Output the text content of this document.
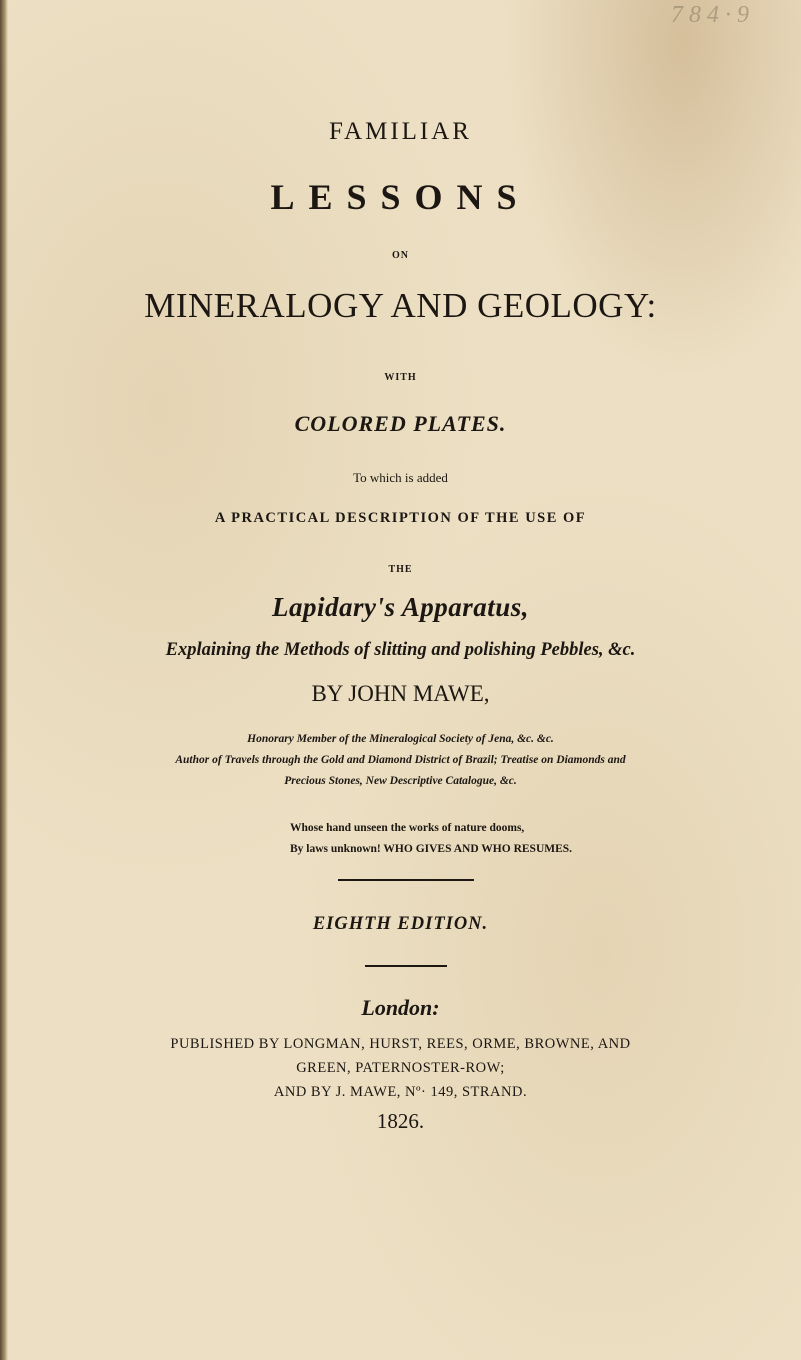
7 8 4 · 9
FAMILIAR
LESSONS
ON
MINERALOGY AND GEOLOGY:
WITH
COLORED PLATES.
To which is added
A PRACTICAL DESCRIPTION OF THE USE OF
THE
Lapidary's Apparatus,
Explaining the Methods of slitting and polishing Pebbles, &c.
BY JOHN MAWE,
Honorary Member of the Mineralogical Society of Jena, &c. &c.
Author of Travels through the Gold and Diamond District of Brazil; Treatise on Diamonds and
Precious Stones, New Descriptive Catalogue, &c.
Whose hand unseen the works of nature dooms,
By laws unknown! WHO GIVES AND WHO RESUMES.
EIGHTH EDITION.
London:
PUBLISHED BY LONGMAN, HURST, REES, ORME, BROWNE, AND
GREEN, PATERNOSTER-ROW;
AND BY J. MAWE, Nº· 149, STRAND.
1826.
